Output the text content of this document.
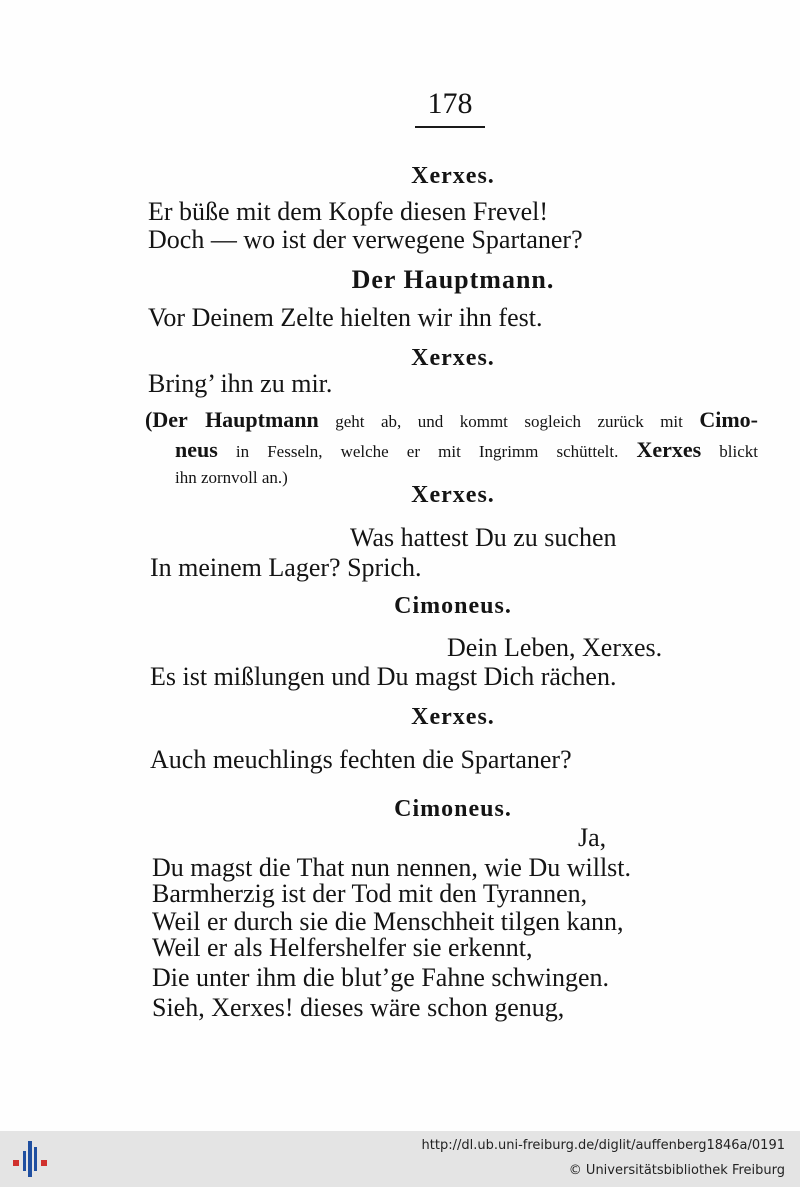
178
Xerxes.
Er büße mit dem Kopfe diesen Frevel!
Doch — wo ist der verwegene Spartaner?
Der Hauptmann.
Vor Deinem Zelte hielten wir ihn fest.
Xerxes.
Bring’ ihn zu mir.
(Der Hauptmann geht ab, und kommt sogleich zurück mit Cimo-
neus in Fesseln, welche er mit Ingrimm schüttelt. Xerxes blickt
ihn zornvoll an.)
Xerxes.
Was hattest Du zu suchen
In meinem Lager? Sprich.
Cimoneus.
Dein Leben, Xerxes.
Es ist mißlungen und Du magst Dich rächen.
Xerxes.
Auch meuchlings fechten die Spartaner?
Cimoneus.
Ja,
Du magst die That nun nennen, wie Du willst.
Barmherzig ist der Tod mit den Tyrannen,
Weil er durch sie die Menschheit tilgen kann,
Weil er als Helfershelfer sie erkennt,
Die unter ihm die blut’ge Fahne schwingen.
Sieh, Xerxes! dieses wäre schon genug,
http://dl.ub.uni-freiburg.de/diglit/auffenberg1846a/0191
© Universitätsbibliothek Freiburg
